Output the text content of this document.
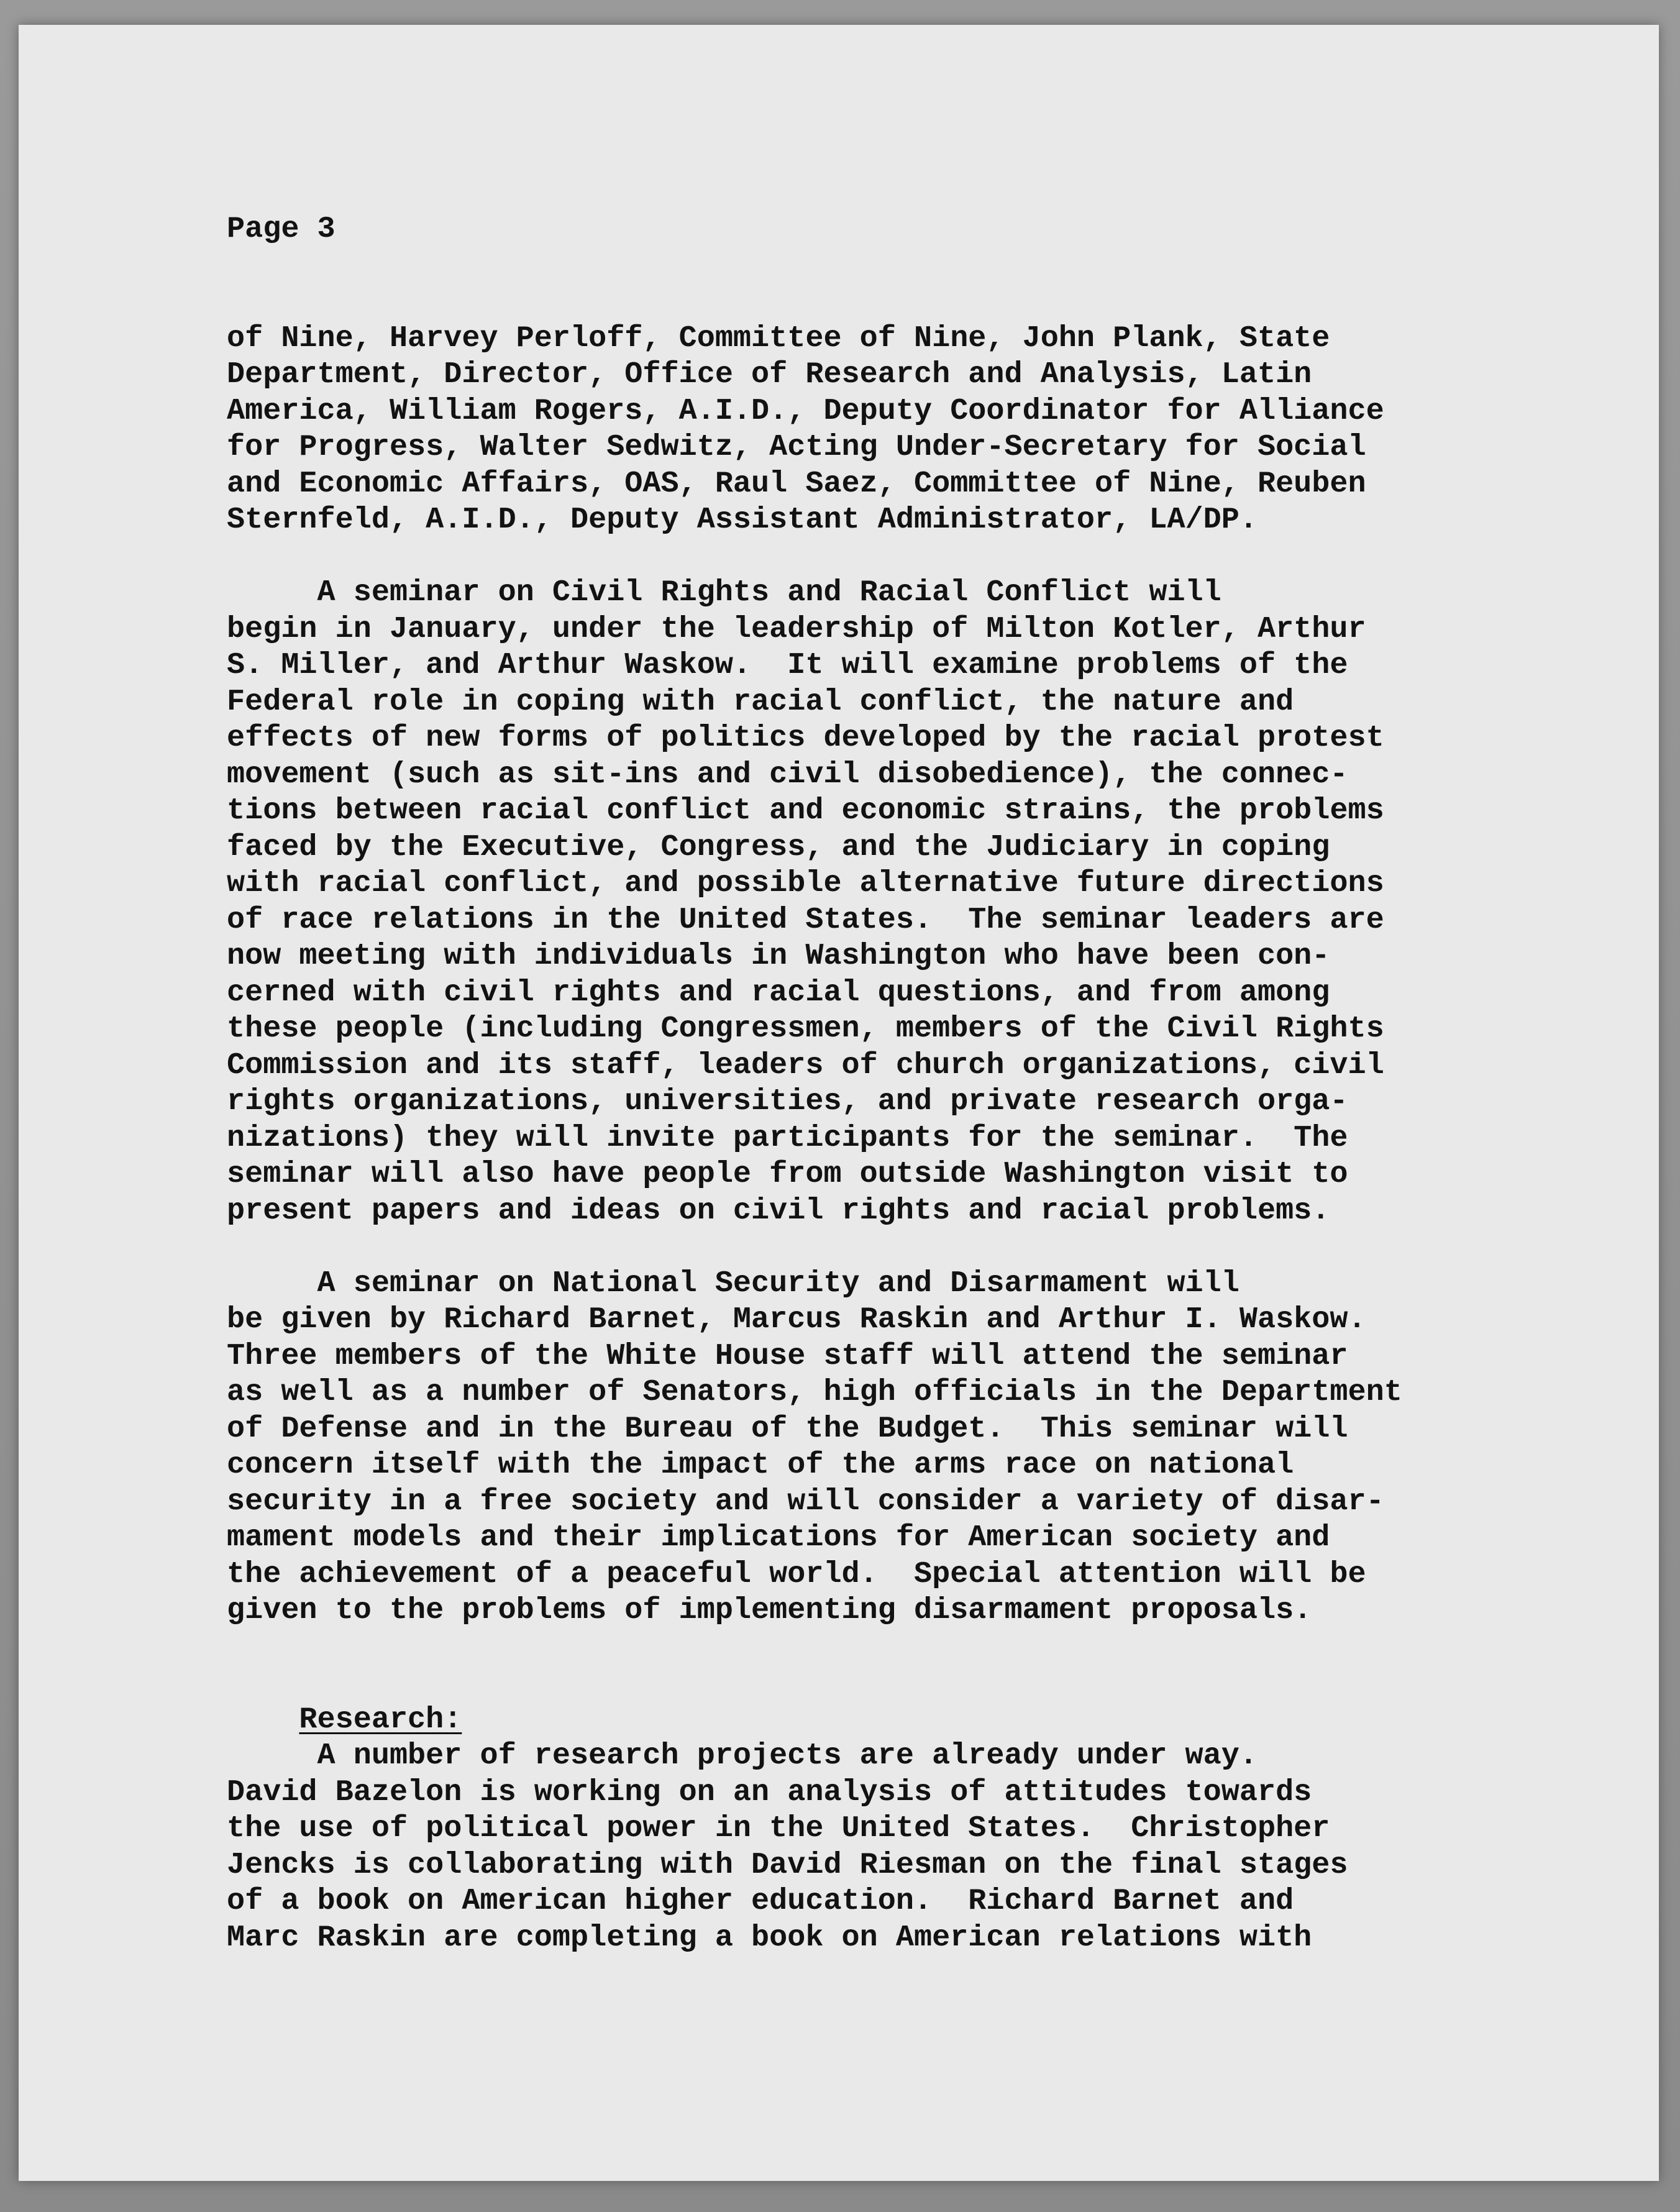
Page 3
of Nine, Harvey Perloff, Committee of Nine, John Plank, State
Department, Director, Office of Research and Analysis, Latin
America, William Rogers, A.I.D., Deputy Coordinator for Alliance
for Progress, Walter Sedwitz, Acting Under-Secretary for Social
and Economic Affairs, OAS, Raul Saez, Committee of Nine, Reuben
Sternfeld, A.I.D., Deputy Assistant Administrator, LA/DP.
A seminar on Civil Rights and Racial Conflict will
begin in January, under the leadership of Milton Kotler, Arthur
S. Miller, and Arthur Waskow.  It will examine problems of the
Federal role in coping with racial conflict, the nature and
effects of new forms of politics developed by the racial protest
movement (such as sit-ins and civil disobedience), the connec-
tions between racial conflict and economic strains, the problems
faced by the Executive, Congress, and the Judiciary in coping
with racial conflict, and possible alternative future directions
of race relations in the United States.  The seminar leaders are
now meeting with individuals in Washington who have been con-
cerned with civil rights and racial questions, and from among
these people (including Congressmen, members of the Civil Rights
Commission and its staff, leaders of church organizations, civil
rights organizations, universities, and private research orga-
nizations) they will invite participants for the seminar.  The
seminar will also have people from outside Washington visit to
present papers and ideas on civil rights and racial problems.
A seminar on National Security and Disarmament will
be given by Richard Barnet, Marcus Raskin and Arthur I. Waskow.
Three members of the White House staff will attend the seminar
as well as a number of Senators, high officials in the Department
of Defense and in the Bureau of the Budget.  This seminar will
concern itself with the impact of the arms race on national
security in a free society and will consider a variety of disar-
mament models and their implications for American society and
the achievement of a peaceful world.  Special attention will be
given to the problems of implementing disarmament proposals.

Research:

A number of research projects are already under way.
David Bazelon is working on an analysis of attitudes towards
the use of political power in the United States.  Christopher
Jencks is collaborating with David Riesman on the final stages
of a book on American higher education.  Richard Barnet and
Marc Raskin are completing a book on American relations with
